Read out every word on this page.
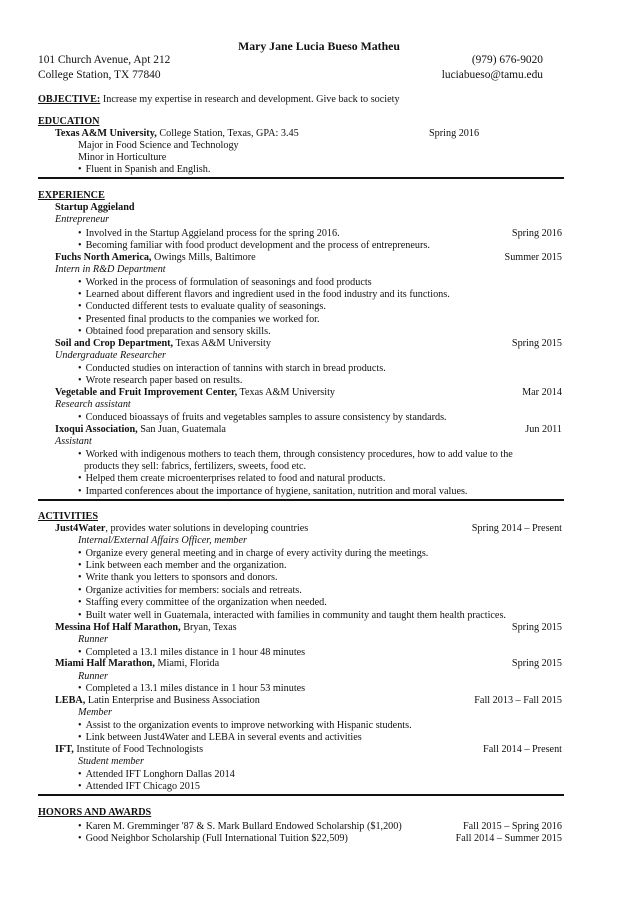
Mary Jane Lucia Bueso Matheu
101 Church Avenue, Apt 212	(979) 676-9020
College Station, TX 77840	luciabueso@tamu.edu
OBJECTIVE: Increase my expertise in research and development. Give back to society
EDUCATION
Texas A&M University, College Station, Texas, GPA: 3.45	Spring 2016
Major in Food Science and Technology
Minor in Horticulture
• Fluent in Spanish and English.
EXPERIENCE
Startup Aggieland
Entrepreneur
• Involved in the Startup Aggieland process for the spring 2016.	Spring 2016
• Becoming familiar with food product development and the process of entrepreneurs.
Fuchs North America, Owings Mills, Baltimore	Summer 2015
Intern in R&D Department
• Worked in the process of formulation of seasonings and food products
• Learned about different flavors and ingredient used in the food industry and its functions.
• Conducted different tests to evaluate quality of seasonings.
• Presented final products to the companies we worked for.
• Obtained food preparation and sensory skills.
Soil and Crop Department, Texas A&M University	Spring 2015
Undergraduate Researcher
• Conducted studies on interaction of tannins with starch in bread products.
• Wrote research paper based on results.
Vegetable and Fruit Improvement Center, Texas A&M University	Mar 2014
Research assistant
• Conduced bioassays of fruits and vegetables samples to assure consistency by standards.
Ixoqui Association, San Juan, Guatemala	Jun 2011
Assistant
• Worked with indigenous mothers to teach them, through consistency procedures, how to add value to the
products they sell: fabrics, fertilizers, sweets, food etc.
• Helped them create microenterprises related to food and natural products.
• Imparted conferences about the importance of hygiene, sanitation, nutrition and moral values.
ACTIVITIES
Just4Water, provides water solutions in developing countries	Spring 2014 – Present
Internal/External Affairs Officer, member
• Organize every general meeting and in charge of every activity during the meetings.
• Link between each member and the organization.
• Write thank you letters to sponsors and donors.
• Organize activities for members: socials and retreats.
• Staffing every committee of the organization when needed.
• Built water well in Guatemala, interacted with families in community and taught them health practices.
Messina Hof Half Marathon, Bryan, Texas	Spring 2015
Runner
• Completed a 13.1 miles distance in 1 hour 48 minutes
Miami Half Marathon, Miami, Florida	Spring 2015
Runner
• Completed a 13.1 miles distance in 1 hour 53 minutes
LEBA, Latin Enterprise and Business Association	Fall 2013 – Fall 2015
Member
• Assist to the organization events to improve networking with Hispanic students.
• Link between Just4Water and LEBA in several events and activities
IFT, Institute of Food Technologists	Fall 2014 – Present
Student member
• Attended IFT Longhorn Dallas 2014
• Attended IFT Chicago 2015
HONORS AND AWARDS
• Karen M. Gremminger '87 & S. Mark Bullard Endowed Scholarship ($1,200)	Fall 2015 – Spring 2016
• Good Neighbor Scholarship (Full International Tuition $22,509)	Fall 2014 – Summer 2015
